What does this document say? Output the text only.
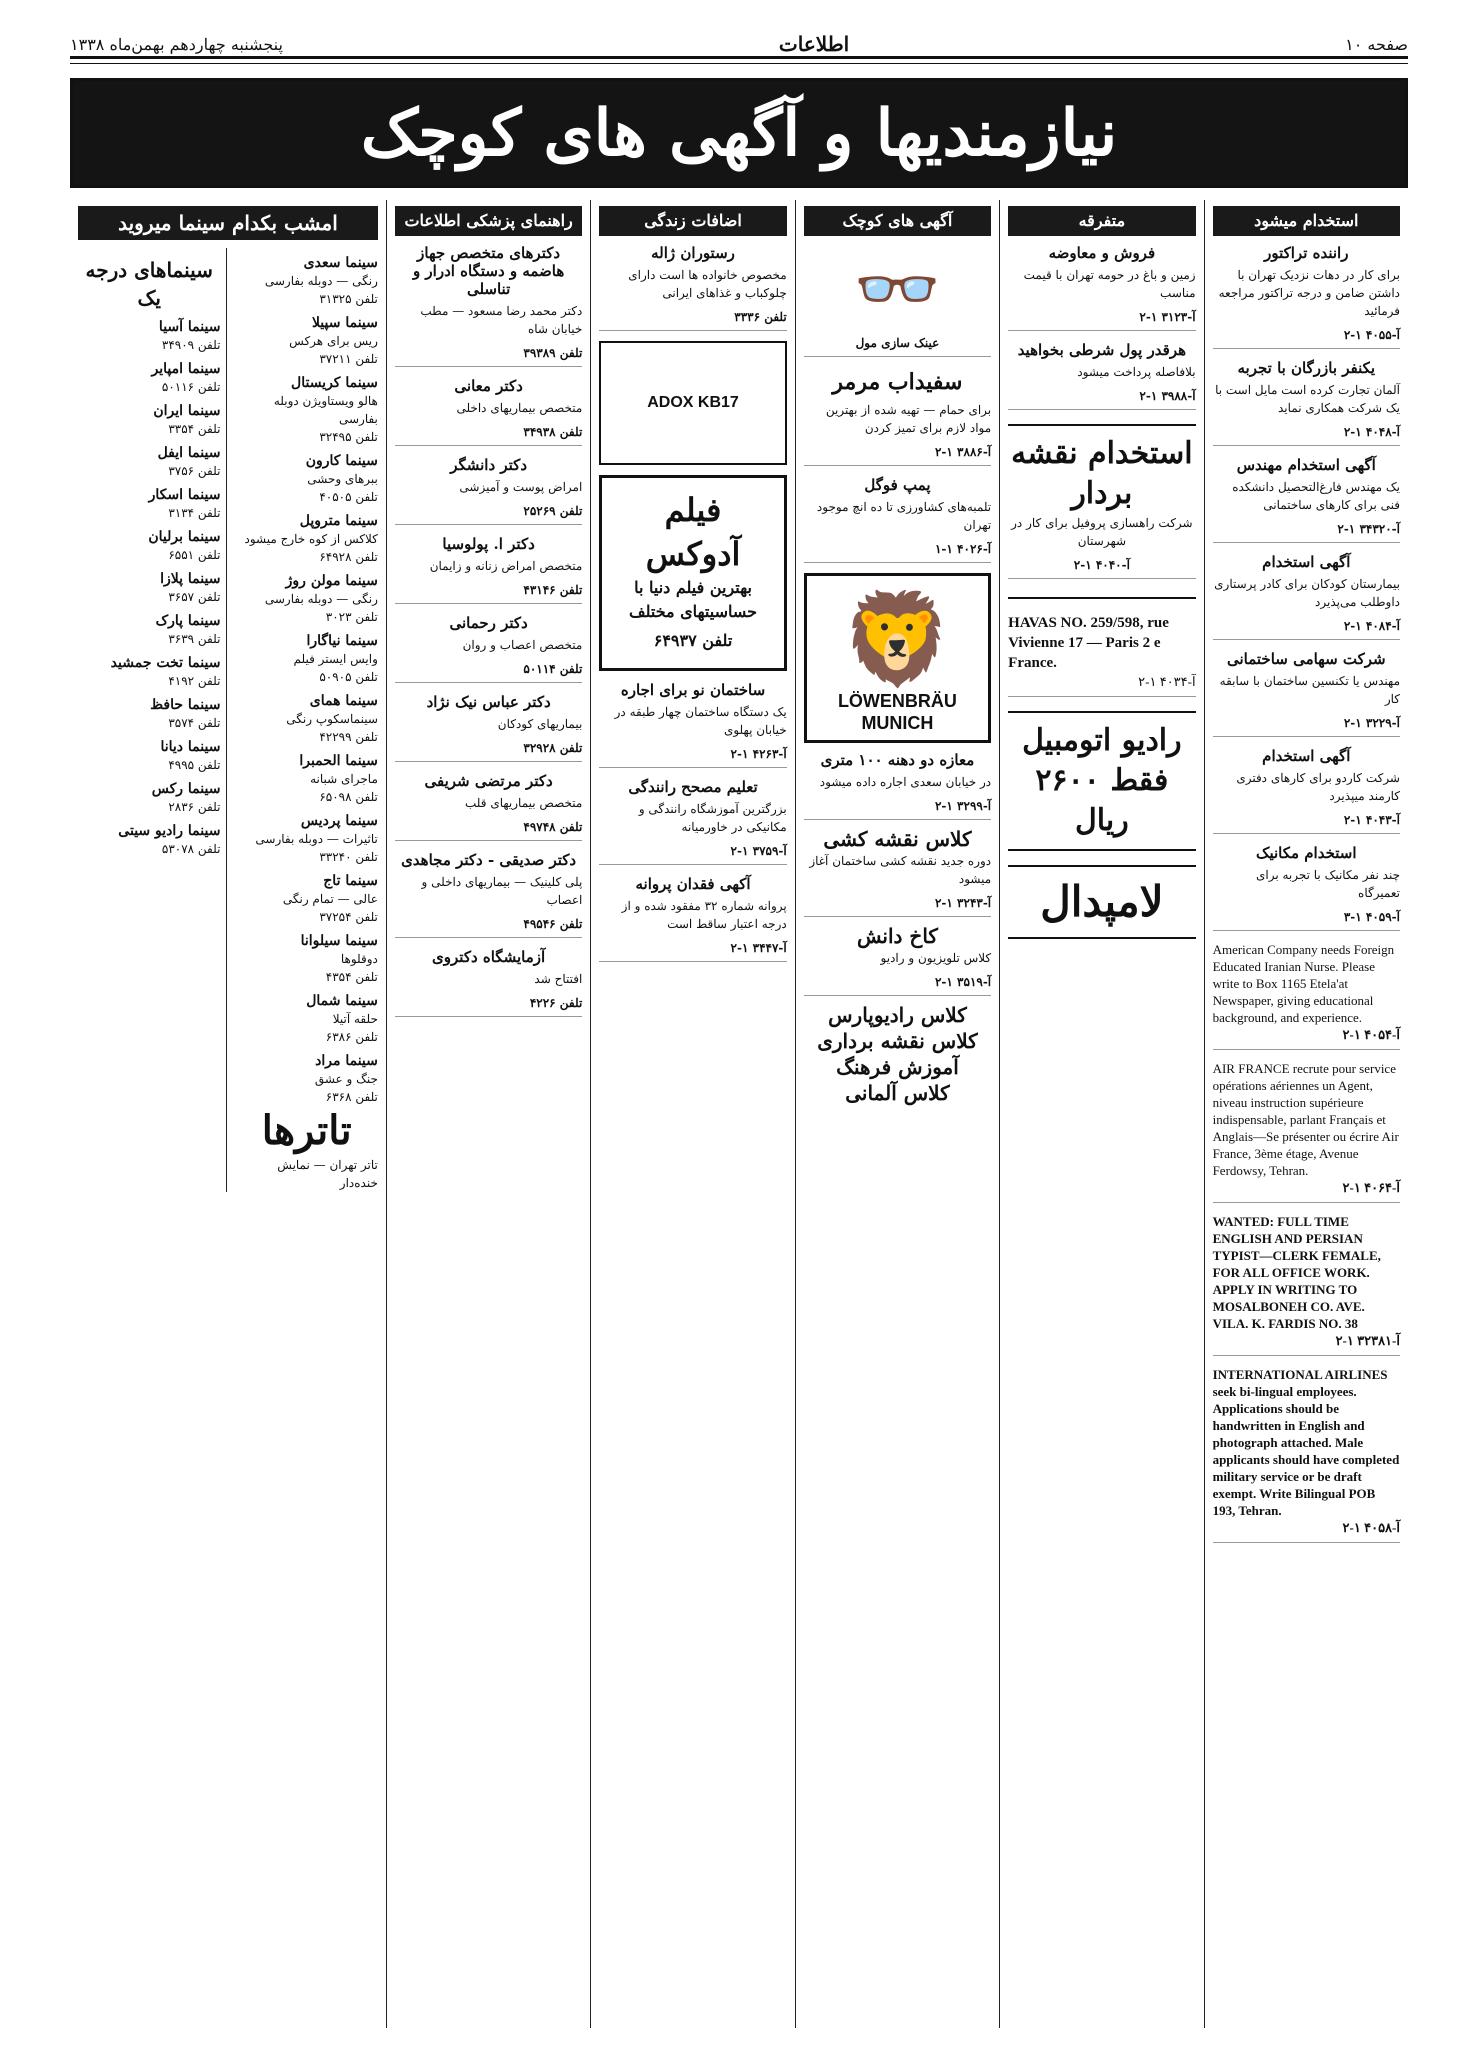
صفحه ۱۰
اطلاعات
پنجشنبه چهاردهم بهمن‌ماه ۱۳۳۸
نیازمندیها و آگهی های کوچک
استخدام میشود
راننده تراکتور
برای کار در دهات نزدیک تهران با داشتن ضامن و درجه تراکتور مراجعه فرمائید
آ-۴۰۵۵ ۱-۲
یکنفر بازرگان با تجربه
آلمان تجارت کرده است مایل است با یک شرکت همکاری نماید
آ-۴۰۴۸ ۱-۲
آگهی استخدام مهندس
یک مهندس فارغ‌التحصیل دانشکده فنی برای کارهای ساختمانی
آ-۳۴۳۲۰ ۱-۲
آگهی استخدام
بیمارستان کودکان برای کادر پرستاری داوطلب می‌پذیرد
آ-۴۰۸۴ ۱-۲
شرکت سهامی ساختمانی
مهندس یا تکنسین ساختمان با سابقه کار
آ-۳۲۲۹ ۱-۲
آگهی استخدام
شرکت کاردو برای کارهای دفتری کارمند میپذیرد
آ-۴۰۴۳ ۱-۲
استخدام مکانیک
چند نفر مکانیک با تجربه برای تعمیرگاه
آ-۴۰۵۹ ۱-۳
American Company needs Foreign Educated Iranian Nurse. Please write to Box 1165 Etela'at Newspaper, giving educational background, and experience.
آ-۴۰۵۴ ۱-۲
AIR FRANCE recrute pour service opérations aériennes un Agent, niveau instruction supérieure indispensable, parlant Français et Anglais—Se présenter ou écrire Air France, 3ème étage, Avenue Ferdowsy, Tehran.
آ-۴۰۶۴ ۱-۲
WANTED: FULL TIME ENGLISH AND PERSIAN TYPIST—CLERK FEMALE, FOR ALL OFFICE WORK. APPLY IN WRITING TO MOSALBONEH CO. AVE. VILA. K. FARDIS NO. 38
آ-۳۲۳۸۱ ۱-۲
INTERNATIONAL AIRLINES seek bi-lingual employees. Applications should be handwritten in English and photograph attached. Male applicants should have completed military service or be draft exempt. Write Bilingual POB 193, Tehran.
آ-۴۰۵۸ ۱-۲
متفرقه
فروش و معاوضه
زمین و باغ در حومه تهران با قیمت مناسب
آ-۳۱۲۳ ۱-۲
هرقدر پول شرطی بخواهید
بلافاصله پرداخت میشود
آ-۳۹۸۸ ۱-۲
استخدام نقشه بردار
شرکت راهسازی پروفیل برای کار در شهرستان
آ-۴۰۴۰ ۱-۲
HAVAS NO. 259/598, rue Vivienne 17 — Paris 2 e France.
آ-۴۰۳۴ ۱-۲
رادیو اتومبیل
فقط ۲۶۰۰ ریال
لامپدال
آگهی های کوچک
👓
عینک سازی مول
سفیداب مرمر
برای حمام — تهیه شده از بهترین مواد لازم برای تمیز کردن
آ-۳۸۸۶ ۱-۲
پمپ فوگل
تلمبه‌های کشاورزی تا ده انچ موجود تهران
آ-۴۰۲۶ ۱-۱
🦁
LÖWENBRÄU MUNICH
معازه دو دهنه ۱۰۰ متری
در خیابان سعدی اجاره داده میشود
آ-۳۲۹۹ ۱-۲
کلاس نقشه کشی
دوره جدید نقشه کشی ساختمان آغاز میشود
آ-۳۲۴۳ ۱-۲
کاخ دانش
کلاس تلویزیون و رادیو
آ-۳۵۱۹ ۱-۲
کلاس رادیوپارس
کلاس نقشه برداری
آموزش فرهنگ
کلاس آلمانی
اضافات زندگی
رستوران ژاله
مخصوص خانواده ها است دارای چلوکباب و غذاهای ایرانی
تلفن ۳۳۳۶
ADOX KB17
فیلم آدوکس
بهترین فیلم دنیا با حساسیتهای مختلف
تلفن ۶۴۹۳۷
ساختمان نو برای اجاره
یک دستگاه ساختمان چهار طبقه در خیابان پهلوی
آ-۴۲۶۳ ۱-۲
تعلیم مصحح رانندگی
بزرگترین آموزشگاه رانندگی و مکانیکی در خاورمیانه
آ-۳۷۵۹ ۱-۲
آکهی فقدان پروانه
پروانه شماره ۳۲ مفقود شده و از درجه اعتبار ساقط است
آ-۳۴۴۷ ۱-۲
راهنمای پزشکی اطلاعات
دکترهای متخصص جهاز هاضمه و دستگاه ادرار و تناسلی
دکتر محمد رضا مسعود — مطب خیابان شاه
تلفن ۳۹۳۸۹
دکتر معانی
متخصص بیماریهای داخلی
تلفن ۳۴۹۳۸
دکتر دانشگر
امراض پوست و آمیزشی
تلفن ۲۵۲۶۹
دکتر ا. پولوسیا
متخصص امراض زنانه و زایمان
تلفن ۴۳۱۴۶
دکتر رحمانی
متخصص اعصاب و روان
تلفن ۵۰۱۱۴
دکتر عباس نیک نژاد
بیماریهای کودکان
تلفن ۳۲۹۲۸
دکتر مرتضی شریفی
متخصص بیماریهای قلب
تلفن ۴۹۷۴۸
دکتر صدیقی - دکتر مجاهدی
پلی کلینیک — بیماریهای داخلی و اعصاب
تلفن ۴۹۵۴۶
آزمایشگاه دکتروی
افتتاح شد
تلفن ۴۲۲۶
امشب بکدام سینما میروید
سینما سعدی
رنگی — دوبله بفارسی
تلفن ۳۱۳۲۵
سینما سپیلا
ریس برای هرکس
تلفن ۳۷۲۱۱
سینما کریستال
هالو ویستاویژن دوبله بفارسی
تلفن ۳۲۴۹۵
سینما کارون
ببرهای وحشی
تلفن ۴۰۵۰۵
سینما متروپل
کلاکس از کوه خارج میشود
تلفن ۶۴۹۲۸
سینما مولن روژ
رنگی — دوبله بفارسی
تلفن ۳۰۲۳
سینما نیاگارا
وایس ایستر فیلم
تلفن ۵۰۹۰۵
سینما همای
سینماسکوپ رنگی
تلفن ۴۲۲۹۹
سینما الحمبرا
ماجرای شبانه
تلفن ۶۵۰۹۸
سینما پردیس
تاثیرات — دوبله بفارسی
تلفن ۳۳۲۴۰
سینما تاج
عالی — تمام رنگی
تلفن ۳۷۲۵۴
سینما سیلوانا
دوقلوها
تلفن ۴۳۵۴
سینما شمال
حلقه آتیلا
تلفن ۶۳۸۶
سینما مراد
جنگ و عشق
تلفن ۶۳۶۸
تاترها
تاتر تهران — نمایش خنده‌دار
سینماهای درجه یک
سینما آسیا
تلفن ۳۴۹۰۹
سینما امپایر
تلفن ۵۰۱۱۶
سینما ایران
تلفن ۳۳۵۴
سینما ایفل
تلفن ۳۷۵۶
سینما اسکار
تلفن ۳۱۳۴
سینما برلیان
تلفن ۶۵۵۱
سینما پلازا
تلفن ۳۶۵۷
سینما پارک
تلفن ۳۶۳۹
سینما تخت جمشید
تلفن ۴۱۹۲
سینما حافظ
تلفن ۳۵۷۴
سینما دیانا
تلفن ۴۹۹۵
سینما رکس
تلفن ۲۸۳۶
سینما رادیو سیتی
تلفن ۵۳۰۷۸
